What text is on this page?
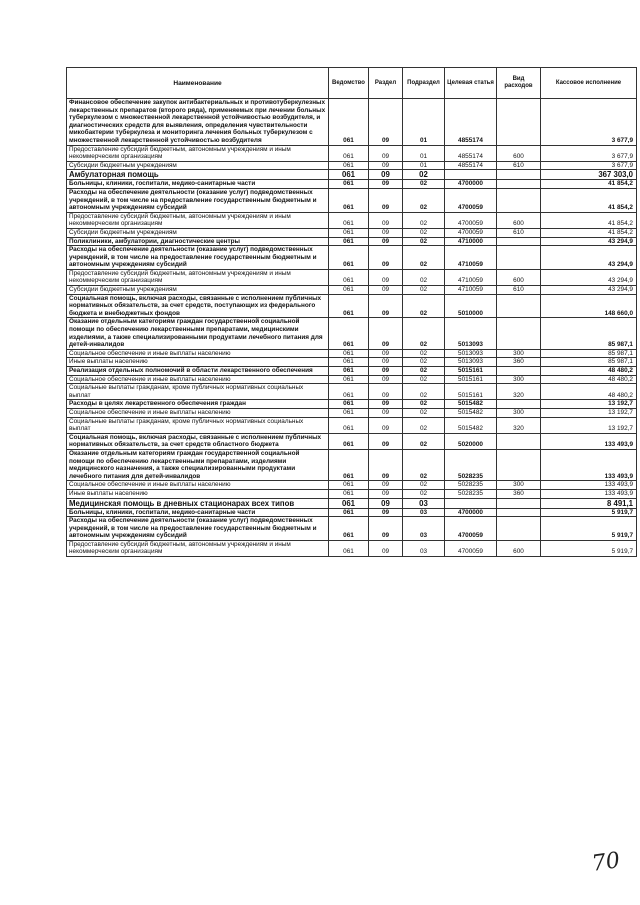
Наименование	Ведомство	Раздел	Подраздел	Целевая статья	Вид расходов	Кассовое исполнение
Финансовое обеспечение закупок антибактериальных и противотуберкулезных лекарственных препаратов (второго ряда), применяемых при лечении больных туберкулезом с множественной лекарственной устойчивостью возбудителя, и диагностических средств для выявления, определения чувствительности микобактерии туберкулеза и мониторинга лечения больных туберкулезом с множественной лекарственной устойчивостью возбудителя	061	09	01	4855174		3 677,9
Предоставление субсидий бюджетным, автономным учреждениям и иным некоммерческим организациям	061	09	01	4855174	600	3 677,9
Субсидии бюджетным учреждениям	061	09	01	4855174	610	3 677,9
Амбулаторная помощь	061	09	02			367 303,0
Больницы, клиники, госпитали, медико-санитарные части	061	09	02	4700000		41 854,2
Расходы на обеспечение деятельности (оказание услуг) подведомственных учреждений, в том числе на предоставление государственным бюджетным и автономным учреждениям субсидий	061	09	02	4700059		41 854,2
Предоставление субсидий бюджетным, автономным учреждениям и иным некоммерческим организациям	061	09	02	4700059	600	41 854,2
Субсидии бюджетным учреждениям	061	09	02	4700059	610	41 854,2
Поликлиники, амбулатории, диагностические центры	061	09	02	4710000		43 294,9
Расходы на обеспечение деятельности (оказание услуг) подведомственных учреждений, в том числе на предоставление государственным бюджетным и автономным учреждениям субсидий	061	09	02	4710059		43 294,9
Предоставление субсидий бюджетным, автономным учреждениям и иным некоммерческим организациям	061	09	02	4710059	600	43 294,9
Субсидии бюджетным учреждениям	061	09	02	4710059	610	43 294,9
Социальная помощь, включая расходы, связанные с исполнением публичных нормативных обязательств, за счет средств, поступающих из федерального бюджета и внебюджетных фондов	061	09	02	5010000		148 660,0
Оказание отдельным категориям граждан государственной социальной помощи по обеспечению лекарственными препаратами, медицинскими изделиями, а также специализированными продуктами лечебного питания для детей-инвалидов	061	09	02	5013093		85 987,1
Социальное обеспечение и иные выплаты населению	061	09	02	5013093	300	85 987,1
Иные выплаты населению	061	09	02	5013093	360	85 987,1
Реализация отдельных полномочий в области лекарственного обеспечения	061	09	02	5015161		48 480,2
Социальное обеспечение и иные выплаты населению	061	09	02	5015161	300	48 480,2
Социальные выплаты гражданам, кроме публичных нормативных социальных выплат	061	09	02	5015161	320	48 480,2
Расходы в целях лекарственного обеспечения граждан	061	09	02	5015482		13 192,7
Социальное обеспечение и иные выплаты населению	061	09	02	5015482	300	13 192,7
Социальные выплаты гражданам, кроме публичных нормативных социальных выплат	061	09	02	5015482	320	13 192,7
Социальная помощь, включая расходы, связанные с исполнением публичных нормативных обязательств, за счет средств областного бюджета	061	09	02	5020000		133 493,9
Оказание отдельным категориям граждан государственной социальной помощи по обеспечению лекарственными препаратами, изделиями медицинского назначения, а также специализированными продуктами лечебного питания для детей-инвалидов	061	09	02	5028235		133 493,9
Социальное обеспечение и иные выплаты населению	061	09	02	5028235	300	133 493,9
Иные выплаты населению	061	09	02	5028235	360	133 493,9
Медицинская помощь в дневных стационарах всех типов	061	09	03			8 491,1
Больницы, клиники, госпитали, медико-санитарные части	061	09	03	4700000		5 919,7
Расходы на обеспечение деятельности (оказание услуг) подведомственных учреждений, в том числе на предоставление государственным бюджетным и автономным учреждениям субсидий	061	09	03	4700059		5 919,7
Предоставление субсидий бюджетным, автономным учреждениям и иным некоммерческим организациям	061	09	03	4700059	600	5 919,7
70
